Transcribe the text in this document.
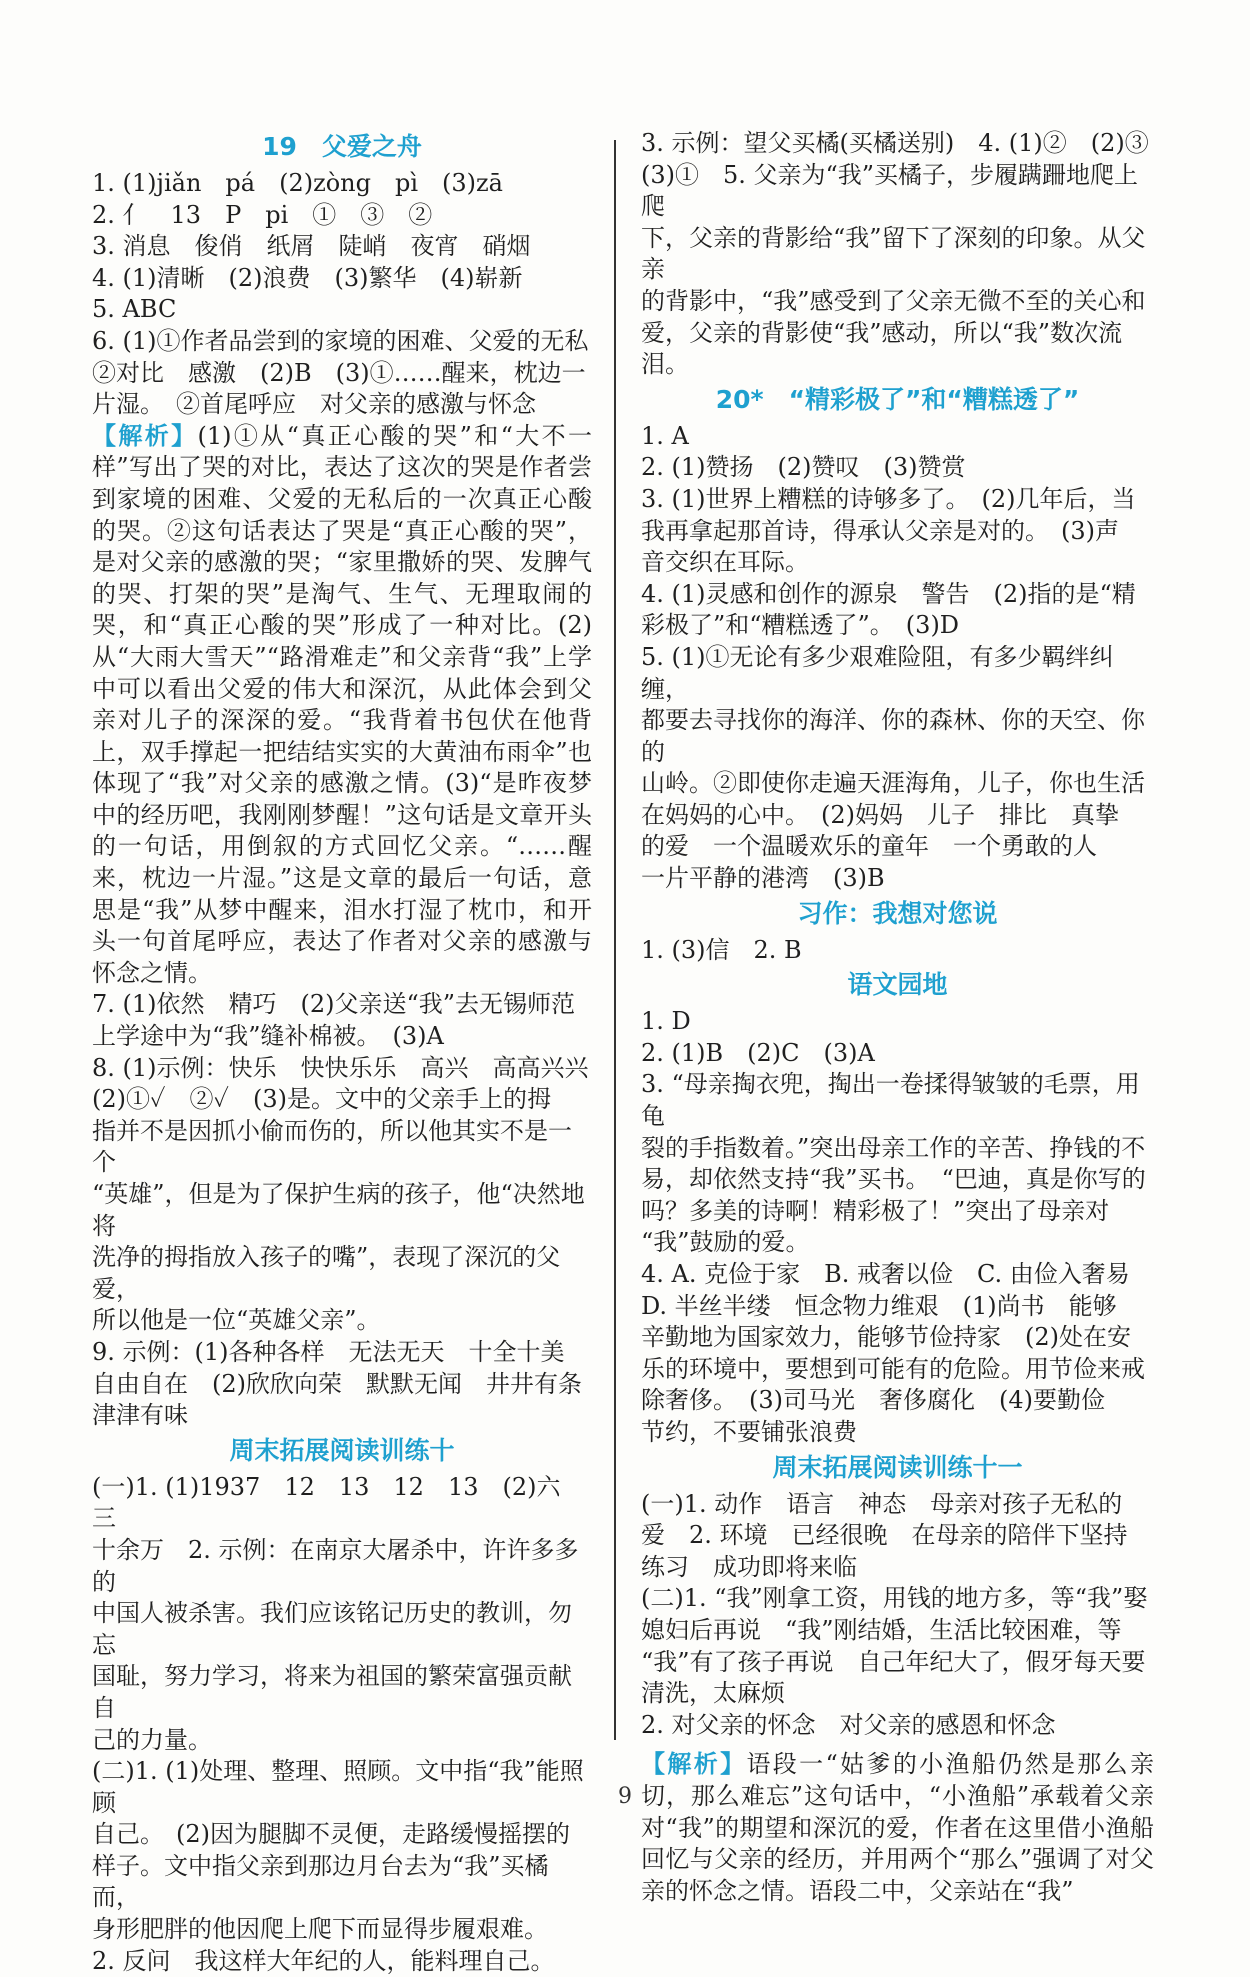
19　父爱之舟
1. (1)jiǎn　pá　(2)zòng　pì　(3)zā
2. 亻　13　P　pi　①　③　②
3. 消息　俊俏　纸屑　陡峭　夜宵　硝烟
4. (1)清晰　(2)浪费　(3)繁华　(4)崭新
5. ABC
6. (1)①作者品尝到的家境的困难、父爱的无私
②对比　感激　(2)B　(3)①……醒来，枕边一
片湿。　②首尾呼应　对父亲的感激与怀念
【 解析 】 (1)①从“真正心酸的哭”和“大不一样”写出了哭的对比，表达了这次的哭是作者尝到家境的困难、父爱的无私后的一次真正心酸的哭。②这句话表达了哭是“真正心酸的哭”，是对父亲的感激的哭；“家里撒娇的哭、发脾气的哭、打架的哭”是淘气、生气、无理取闹的哭，和“真正心酸的哭”形成了一种对比。(2)从“大雨大雪天”“路滑难走”和父亲背“我”上学中可以看出父爱的伟大和深沉，从此体会到父亲对儿子的深深的爱。“我背着书包伏在他背上，双手撑起一把结结实实的大黄油布雨伞”也体现了“我”对父亲的感激之情。(3)“是昨夜梦中的经历吧，我刚刚梦醒！”这句话是文章开头的一句话，用倒叙的方式回忆父亲。“……醒来，枕边一片湿。”这是文章的最后一句话，意思是“我”从梦中醒来，泪水打湿了枕巾，和开头一句首尾呼应，表达了作者对父亲的感激与怀念之情。
7. (1)依然　精巧　(2)父亲送“我”去无锡师范
上学途中为“我”缝补棉被。　(3)A
8. (1)示例：快乐　快快乐乐　高兴　高高兴兴
(2)①✓　②✓　(3)是。文中的父亲手上的拇
指并不是因抓小偷而伤的，所以他其实不是一个
“英雄”，但是为了保护生病的孩子，他“决然地将
洗净的拇指放入孩子的嘴”，表现了深沉的父爱，
所以他是一位“英雄父亲”。
9. 示例：(1)各种各样　无法无天　十全十美
自由自在　(2)欣欣向荣　默默无闻　井井有条
津津有味
周末拓展阅读训练十
(一)1. (1)1937　12　13　12　13　(2)六　三
十余万　2. 示例：在南京大屠杀中，许许多多的
中国人被杀害。我们应该铭记历史的教训，勿忘
国耻，努力学习，将来为祖国的繁荣富强贡献自
己的力量。
(二)1. (1)处理、整理、照顾。文中指“我”能照顾
自己。　(2)因为腿脚不灵便，走路缓慢摇摆的
样子。文中指父亲到那边月台去为“我”买橘而，
身形肥胖的他因爬上爬下而显得步履艰难。
2. 反问　我这样大年纪的人，能料理自己。
3. 示例：望父买橘(买橘送别)　4. (1)②　(2)③
(3)①　5. 父亲为“我”买橘子，步履蹒跚地爬上爬
下，父亲的背影给“我”留下了深刻的印象。从父亲
的背影中，“我”感受到了父亲无微不至的关心和
爱，父亲的背影使“我”感动，所以“我”数次流泪。
20*　“精彩极了”和“糟糕透了”
1. A
2. (1)赞扬　(2)赞叹　(3)赞赏
3. (1)世界上糟糕的诗够多了。　(2)几年后，当
我再拿起那首诗，得承认父亲是对的。　(3)声
音交织在耳际。
4. (1)灵感和创作的源泉　警告　(2)指的是“精
彩极了”和“糟糕透了”。　(3)D
5. (1)①无论有多少艰难险阻，有多少羁绊纠缠，
都要去寻找你的海洋、你的森林、你的天空、你的
山岭。②即使你走遍天涯海角，儿子，你也生活
在妈妈的心中。　(2)妈妈　儿子　排比　真挚
的爱　一个温暖欢乐的童年　一个勇敢的人
一片平静的港湾　(3)B
习作：我想对您说
1. (3)信　2. B
语文园地
1. D
2. (1)B　(2)C　(3)A
3. “母亲掏衣兜，掏出一卷揉得皱皱的毛票，用龟
裂的手指数着。”突出母亲工作的辛苦、挣钱的不
易，却依然支持“我”买书。　“巴迪，真是你写的
吗？多美的诗啊！精彩极了！”突出了母亲对
“我”鼓励的爱。
4. A. 克俭于家　B. 戒奢以俭　C. 由俭入奢易
D. 半丝半缕　恒念物力维艰　(1)尚书　能够
辛勤地为国家效力，能够节俭持家　(2)处在安
乐的环境中，要想到可能有的危险。用节俭来戒
除奢侈。　(3)司马光　奢侈腐化　(4)要勤俭
节约，不要铺张浪费
周末拓展阅读训练十一
(一)1. 动作　语言　神态　母亲对孩子无私的
爱　2. 环境　已经很晚　在母亲的陪伴下坚持
练习　成功即将来临
(二)1. “我”刚拿工资，用钱的地方多，等“我”娶
媳妇后再说　“我”刚结婚，生活比较困难，等
“我”有了孩子再说　自己年纪大了，假牙每天要
清洗，太麻烦
2. 对父亲的怀念　对父亲的感恩和怀念
【 解析 】 语段一“姑爹的小渔船仍然是那么亲切，那么难忘”这句话中，“小渔船”承载着父亲对“我”的期望和深沉的爱，作者在这里借小渔船回忆与父亲的经历，并用两个“那么”强调了对父亲的怀念之情。语段二中，父亲站在“我”
9
